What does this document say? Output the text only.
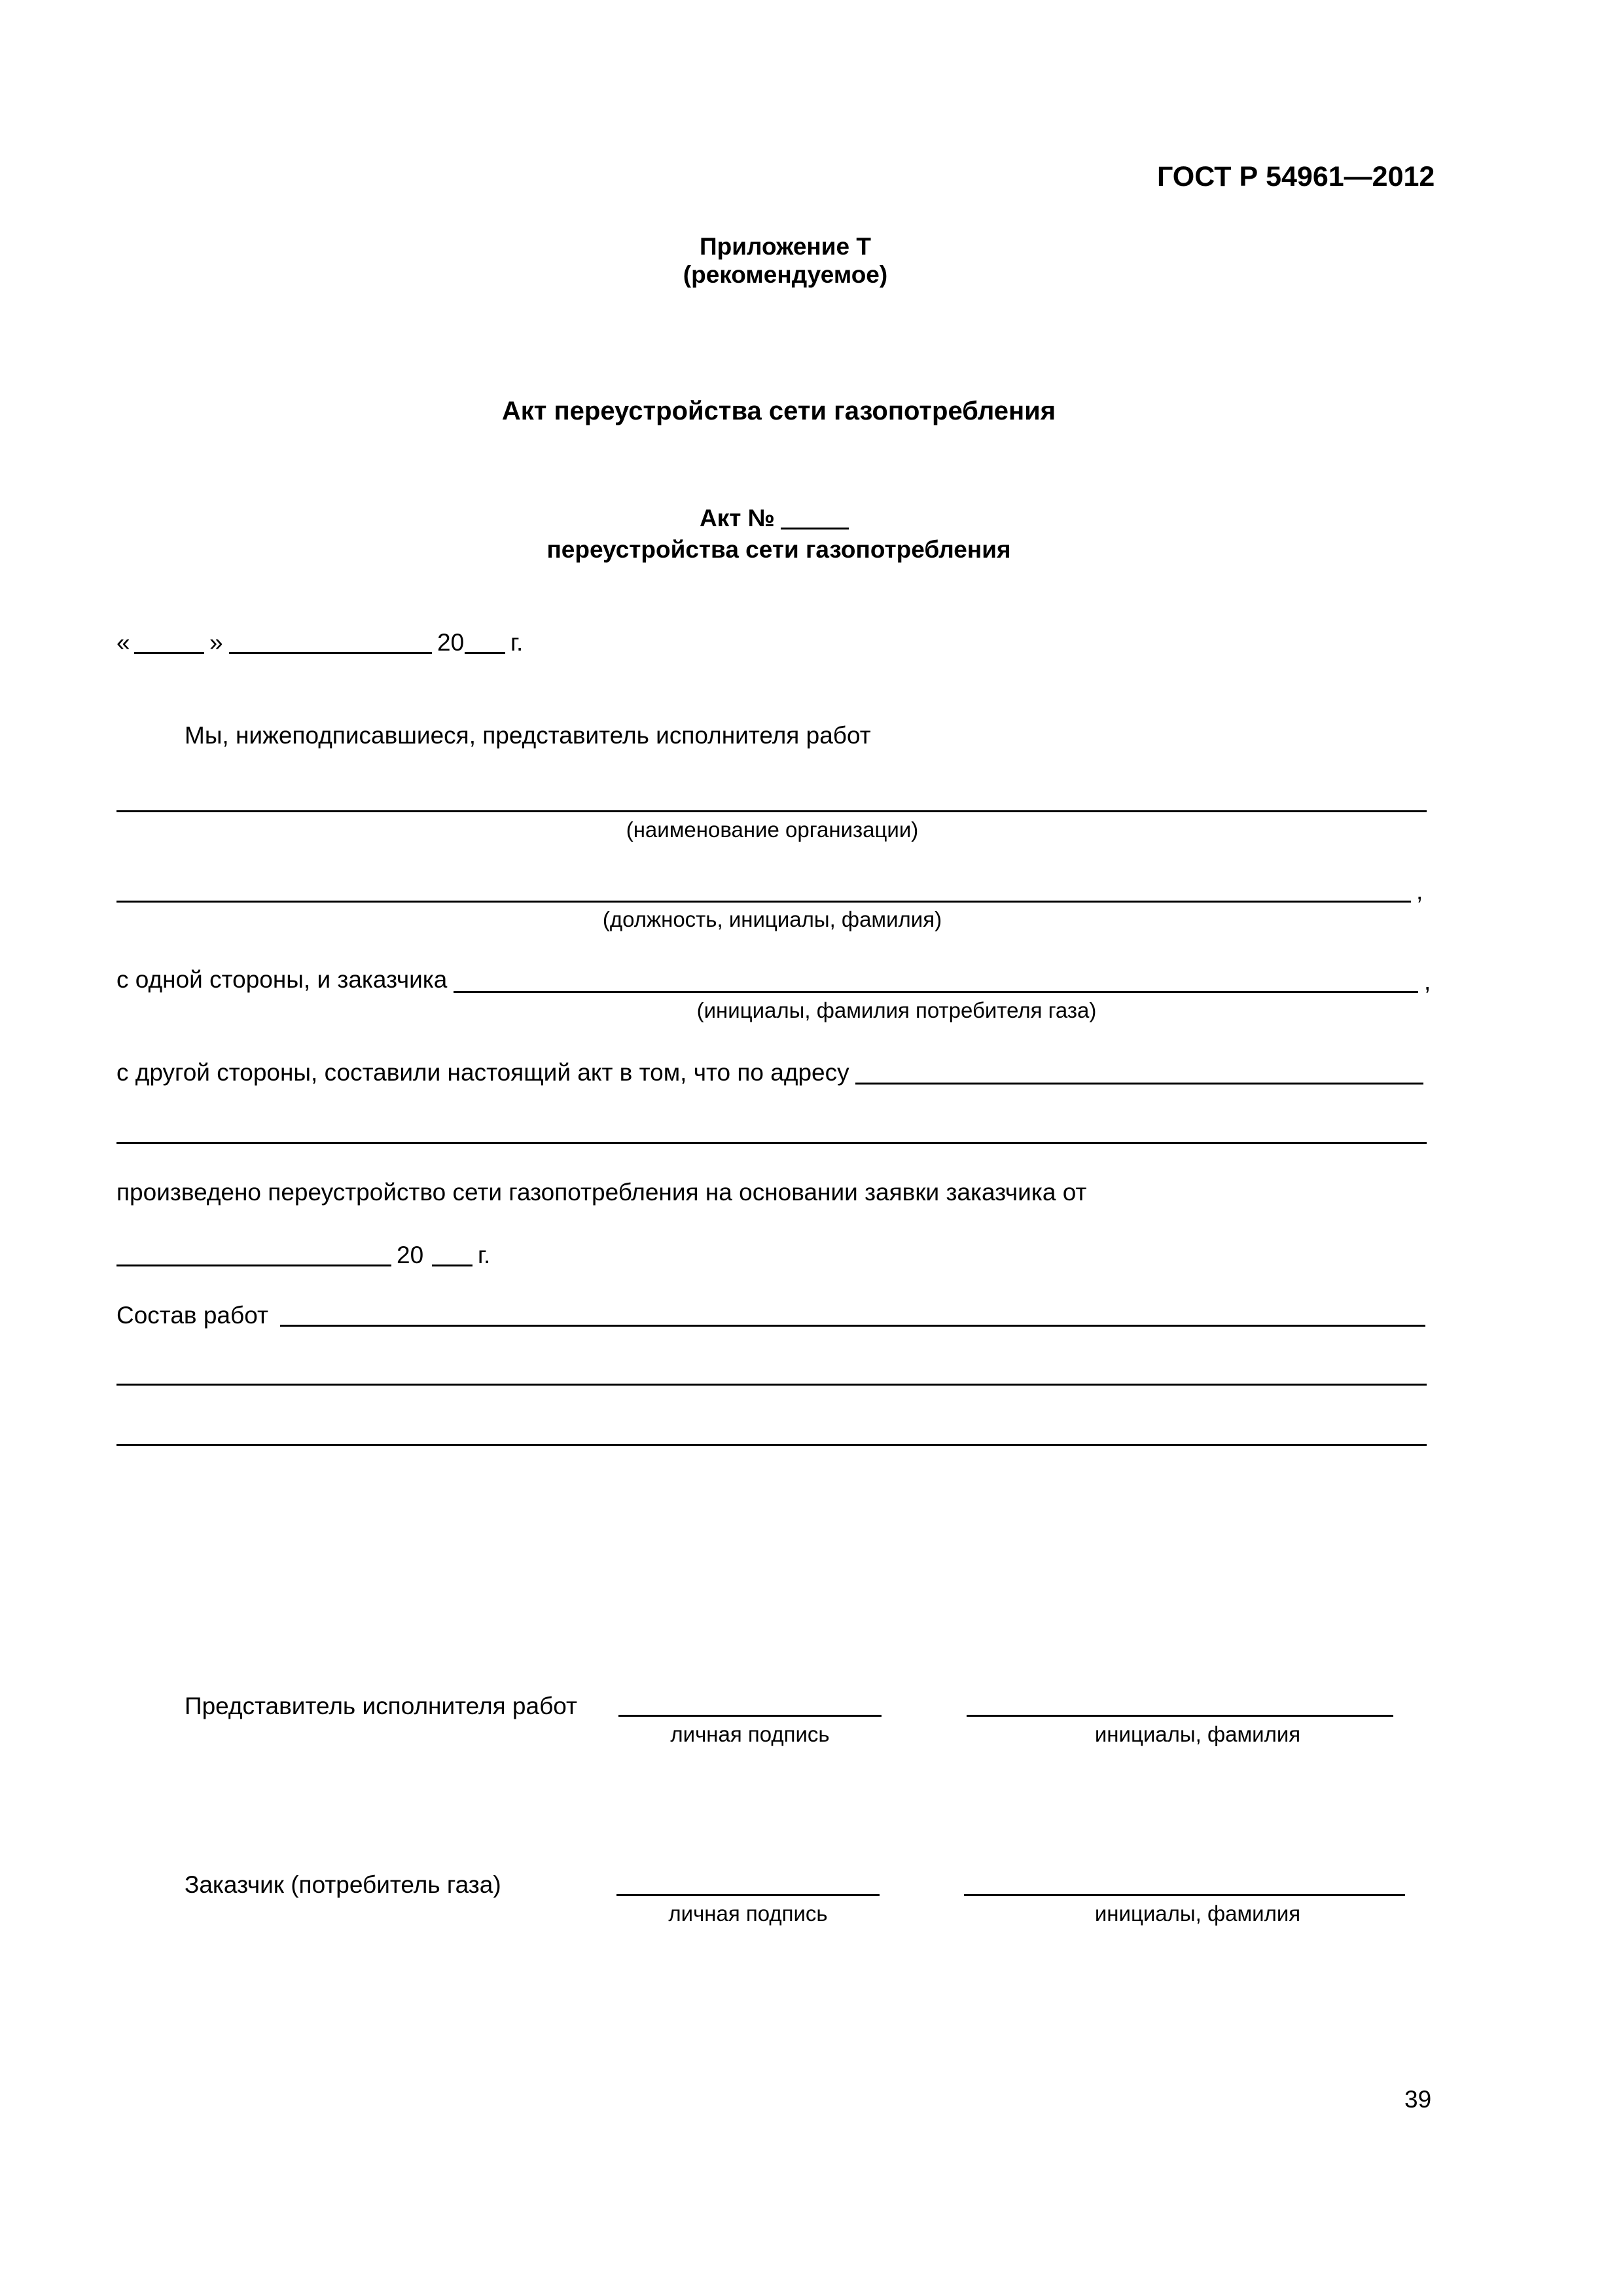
ГОСТ Р 54961—2012
Приложение Т
(рекомендуемое)
Акт переустройства сети газопотребления
Акт №
переустройства сети газопотребления
«	»	20 г.
Мы, нижеподписавшиеся, представитель исполнителя работ
(наименование организации)
,
(должность, инициалы, фамилия)
с одной стороны, и заказчика	,
(инициалы, фамилия потребителя газа)
с другой стороны, составили настоящий акт в том, что по адресу
произведено переустройство сети газопотребления на основании заявки заказчика от
20 г.
Состав работ
Представитель исполнителя работ
личная подпись	инициалы, фамилия
Заказчик (потребитель газа)
личная подпись	инициалы, фамилия
39
